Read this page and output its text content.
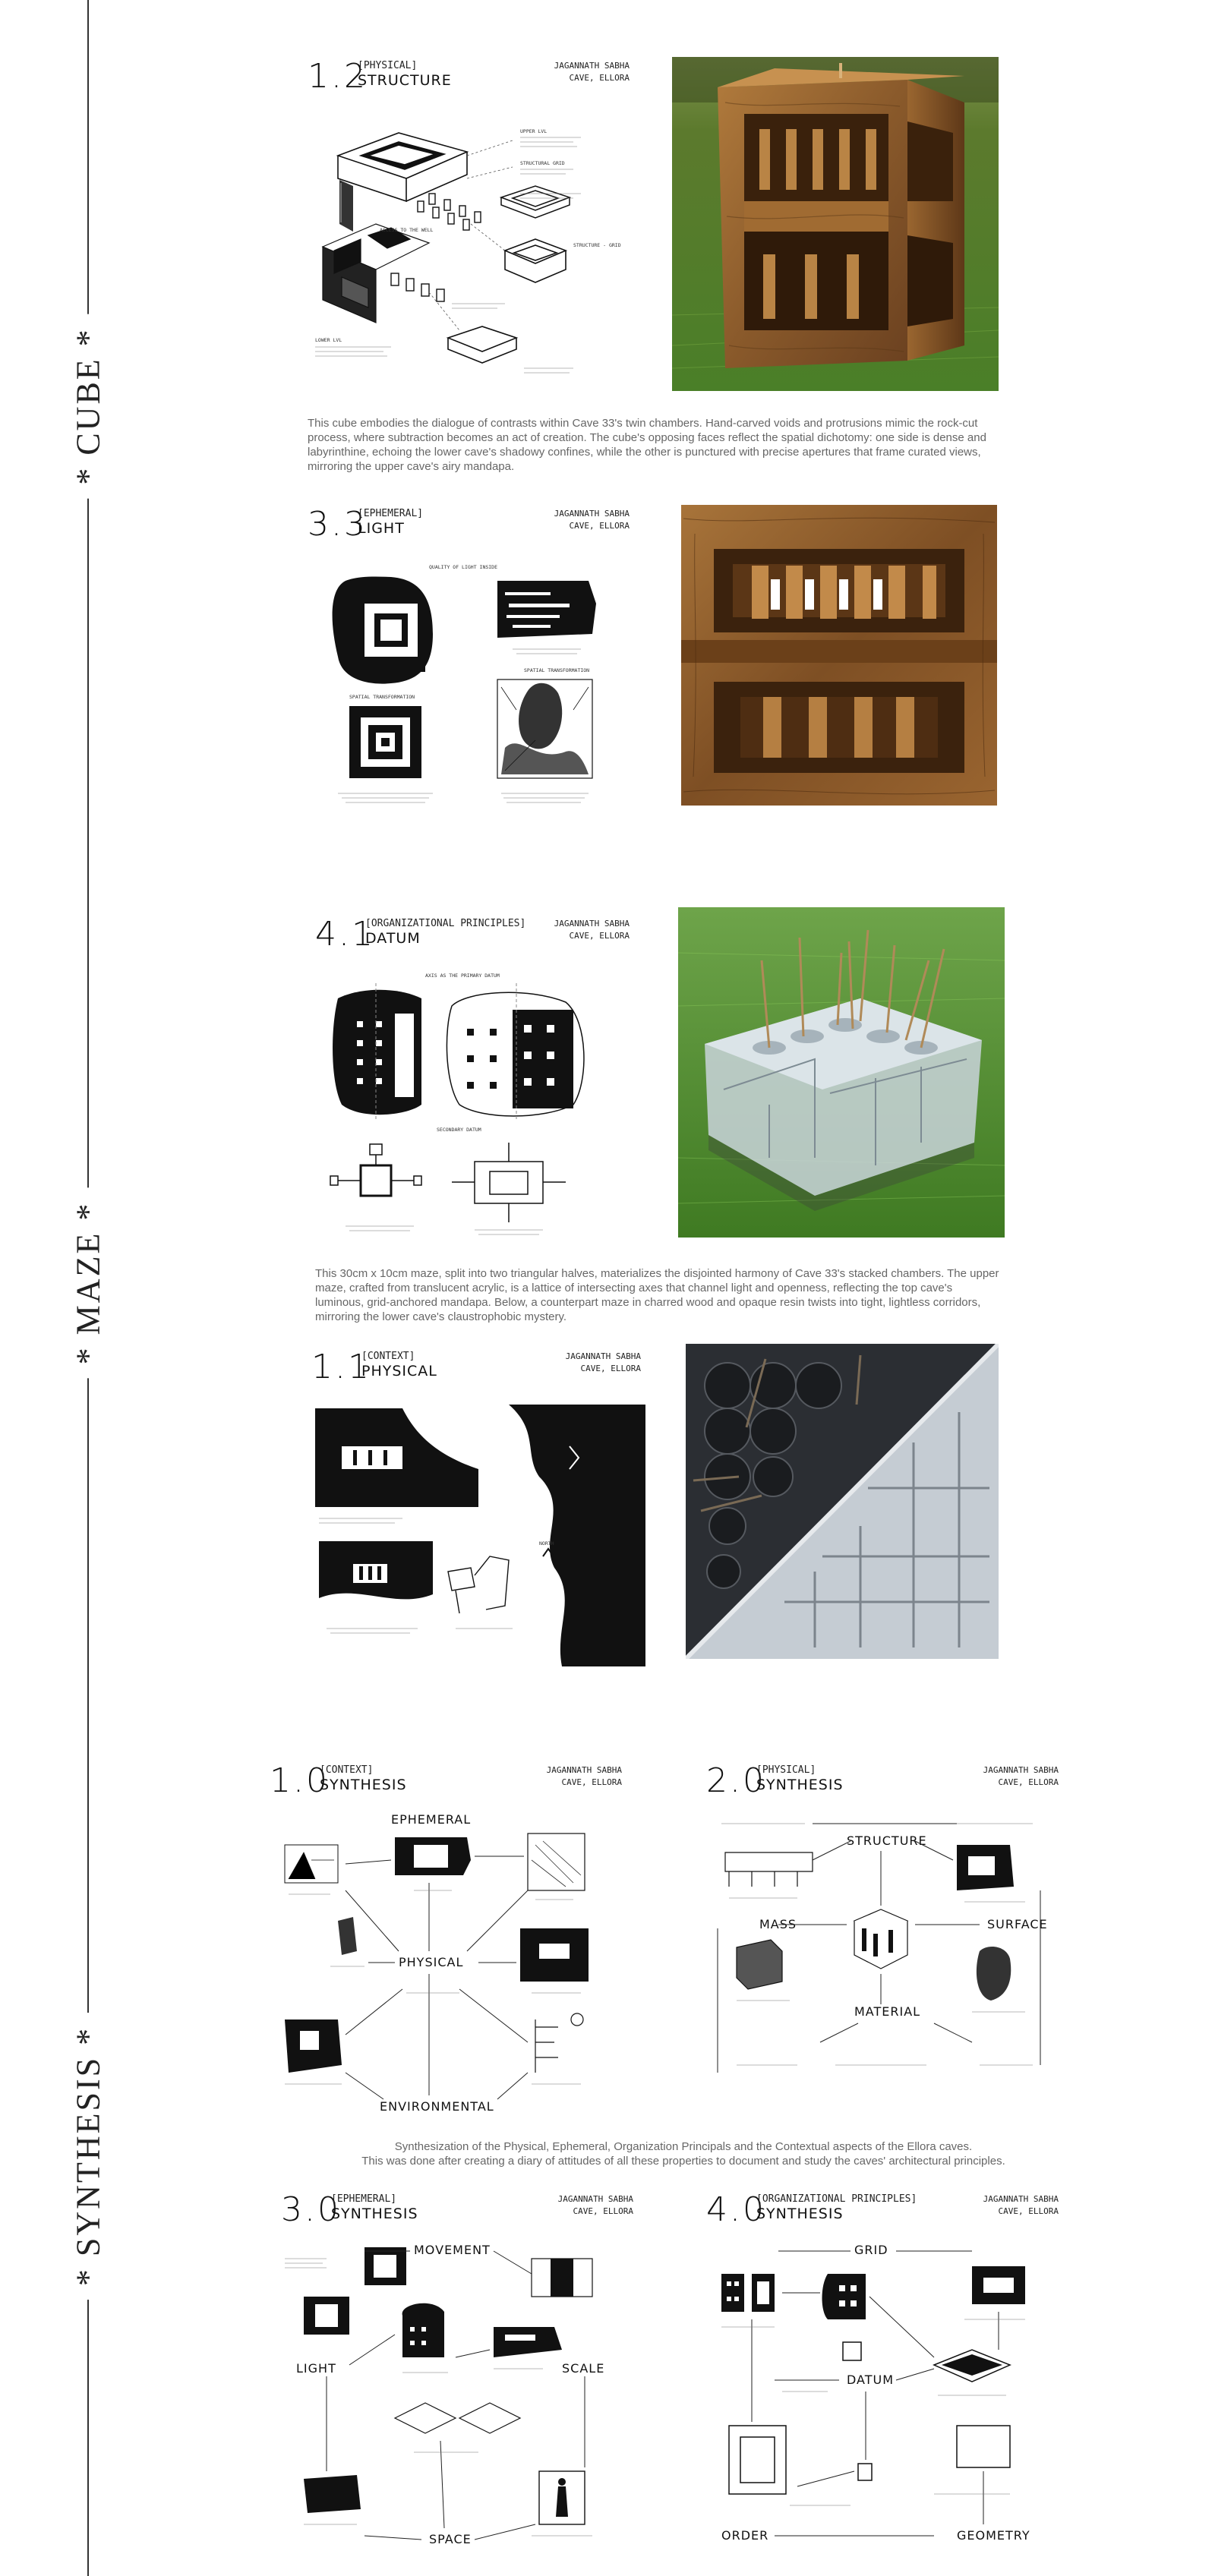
* CUBE *
* MAZE *
* SYNTHESIS *
1.2
[PHYSICAL]
STRUCTURE
JAGANNATH SABHA
CAVE, ELLORA
UPPER LVL
STRUCTURAL GRID
STRUCTURE - GRID
LOWER LVL
ACCESS TO THE WELL
This cube embodies the dialogue of contrasts within Cave 33's twin chambers. Hand-carved voids and protrusions mimic the rock-cut process, where subtraction becomes an act of creation. The cube's opposing faces reflect the spatial dichotomy: one side is dense and labyrinthine, echoing the lower cave's shadowy confines, while the other is punctured with precise apertures that frame curated views, mirroring the upper cave's airy mandapa.
3.3
[EPHEMERAL]
LIGHT
JAGANNATH SABHA
CAVE, ELLORA
QUALITY OF LIGHT INSIDE
SPATIAL TRANSFORMATION
SPATIAL TRANSFORMATION
4.1
[ORGANIZATIONAL PRINCIPLES]
DATUM
JAGANNATH SABHA
CAVE, ELLORA
AXIS AS THE PRIMARY DATUM
SECONDARY DATUM
This 30cm x 10cm maze, split into two triangular halves, materializes the disjointed harmony of Cave 33's stacked chambers. The upper maze, crafted from translucent acrylic, is a lattice of intersecting axes that channel light and openness, reflecting the top cave's luminous, grid-anchored mandapa. Below, a counterpart maze in charred wood and opaque resin twists into tight, lightless corridors, mirroring the lower cave's claustrophobic mystery.
1.1
[CONTEXT]
PHYSICAL
JAGANNATH SABHA
CAVE, ELLORA
NORTH
1.0
[CONTEXT]
SYNTHESIS
JAGANNATH SABHA
CAVE, ELLORA
EPHEMERAL
PHYSICAL
ENVIRONMENTAL
2.0
[PHYSICAL]
SYNTHESIS
JAGANNATH SABHA
CAVE, ELLORA
STRUCTURE
MASS	SURFACE
MATERIAL
Synthesization of the Physical, Ephemeral, Organization Principals and the Contextual aspects of the Ellora caves.
This was done after creating a diary of attitudes of all these properties to document and study the caves' architectural principles.
3.0
[EPHEMERAL]
SYNTHESIS
JAGANNATH SABHA
CAVE, ELLORA
MOVEMENT
LIGHT	SCALE
SPACE
4.0
[ORGANIZATIONAL PRINCIPLES]
SYNTHESIS
JAGANNATH SABHA
CAVE, ELLORA
GRID
DATUM
ORDER	GEOMETRY
